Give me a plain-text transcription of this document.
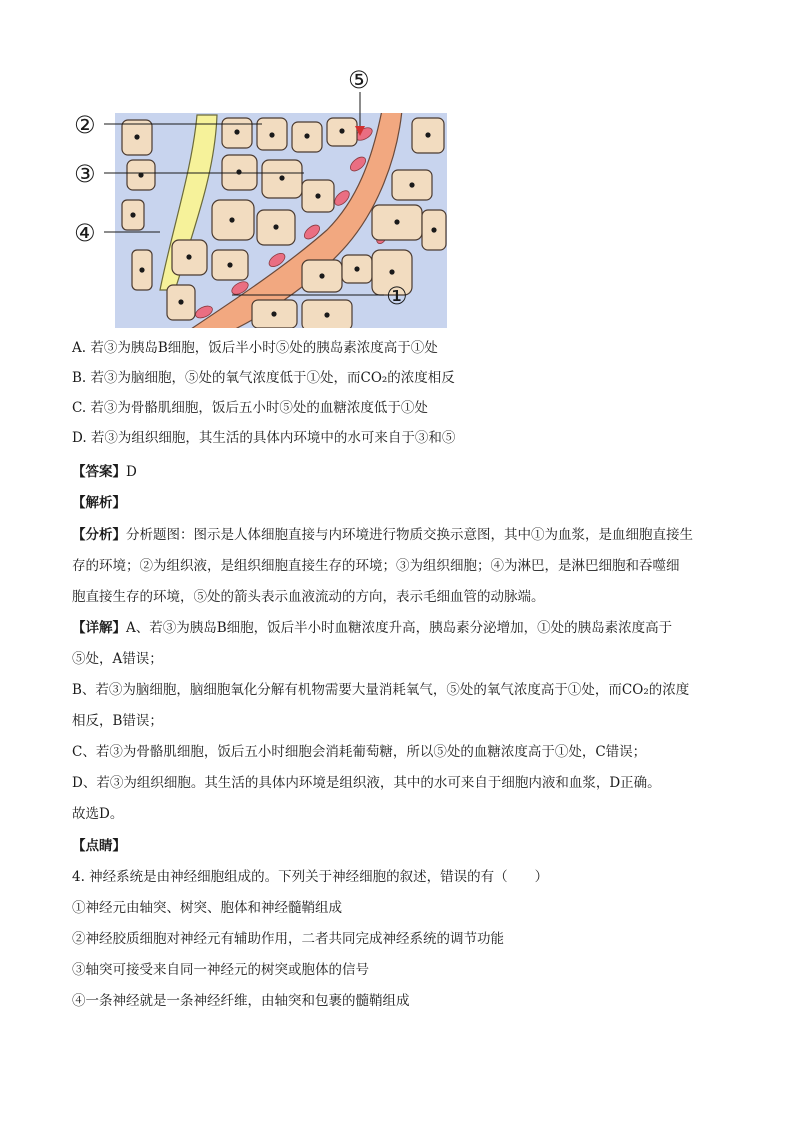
②
③
④
⑤
①
A. 若③为胰岛B细胞，饭后半小时⑤处的胰岛素浓度高于①处
B. 若③为脑细胞，⑤处的氧气浓度低于①处，而CO₂的浓度相反
C. 若③为骨骼肌细胞，饭后五小时⑤处的血糖浓度低于①处
D. 若③为组织细胞，其生活的具体内环境中的水可来自于③和⑤
【答案】D
【解析】
【分析】分析题图：图示是人体细胞直接与内环境进行物质交换示意图，其中①为血浆，是血细胞直接生
存的环境；②为组织液，是组织细胞直接生存的环境；③为组织细胞；④为淋巴，是淋巴细胞和吞噬细
胞直接生存的环境，⑤处的箭头表示血液流动的方向，表示毛细血管的动脉端。
【详解】A、若③为胰岛B细胞，饭后半小时血糖浓度升高，胰岛素分泌增加，①处的胰岛素浓度高于
⑤处，A错误；
B、若③为脑细胞，脑细胞氧化分解有机物需要大量消耗氧气，⑤处的氧气浓度高于①处，而CO₂的浓度
相反，B错误；
C、若③为骨骼肌细胞，饭后五小时细胞会消耗葡萄糖，所以⑤处的血糖浓度高于①处，C错误；
D、若③为组织细胞。其生活的具体内环境是组织液，其中的水可来自于细胞内液和血浆，D正确。
故选D。
【点睛】
4. 神经系统是由神经细胞组成的。下列关于神经细胞的叙述，错误的有（　　）
①神经元由轴突、树突、胞体和神经髓鞘组成
②神经胶质细胞对神经元有辅助作用，二者共同完成神经系统的调节功能
③轴突可接受来自同一神经元的树突或胞体的信号
④一条神经就是一条神经纤维，由轴突和包裹的髓鞘组成
